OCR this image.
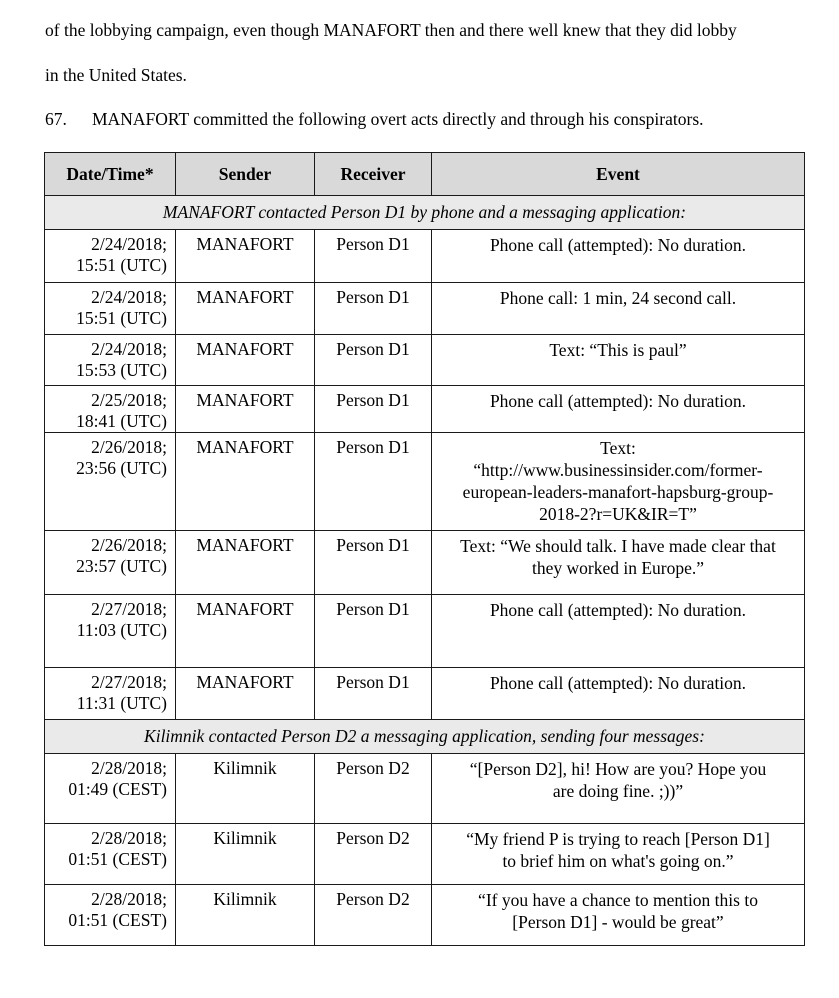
of the lobbying campaign, even though MANAFORT then and there well knew that they did lobby
in the United States.
67. MANAFORT committed the following overt acts directly and through his conspirators.
Date/Time*	Sender	Receiver	Event
MANAFORT contacted Person D1 by phone and a messaging application:			
2/24/2018;
15:51 (UTC)	MANAFORT	Person D1	Phone call (attempted): No duration.
2/24/2018;
15:51 (UTC)	MANAFORT	Person D1	Phone call: 1 min, 24 second call.
2/24/2018;
15:53 (UTC)	MANAFORT	Person D1	Text: “This is paul”
2/25/2018;
18:41 (UTC)	MANAFORT	Person D1	Phone call (attempted): No duration.
2/26/2018;
23:56 (UTC)	MANAFORT	Person D1	Text:
“http://www.businessinsider.com/former-
european-leaders-manafort-hapsburg-group-
2018-2?r=UK&IR=T”
2/26/2018;
23:57 (UTC)	MANAFORT	Person D1	Text: “We should talk. I have made clear that
they worked in Europe.”
2/27/2018;
11:03 (UTC)	MANAFORT	Person D1	Phone call (attempted): No duration.
2/27/2018;
11:31 (UTC)	MANAFORT	Person D1	Phone call (attempted): No duration.
Kilimnik contacted Person D2 a messaging application, sending four messages:			
2/28/2018;
01:49 (CEST)	Kilimnik	Person D2	“[Person D2], hi! How are you? Hope you
are doing fine. ;))”
2/28/2018;
01:51 (CEST)	Kilimnik	Person D2	“My friend P is trying to reach [Person D1]
to brief him on what's going on.”
2/28/2018;
01:51 (CEST)	Kilimnik	Person D2	“If you have a chance to mention this to
[Person D1] - would be great”
